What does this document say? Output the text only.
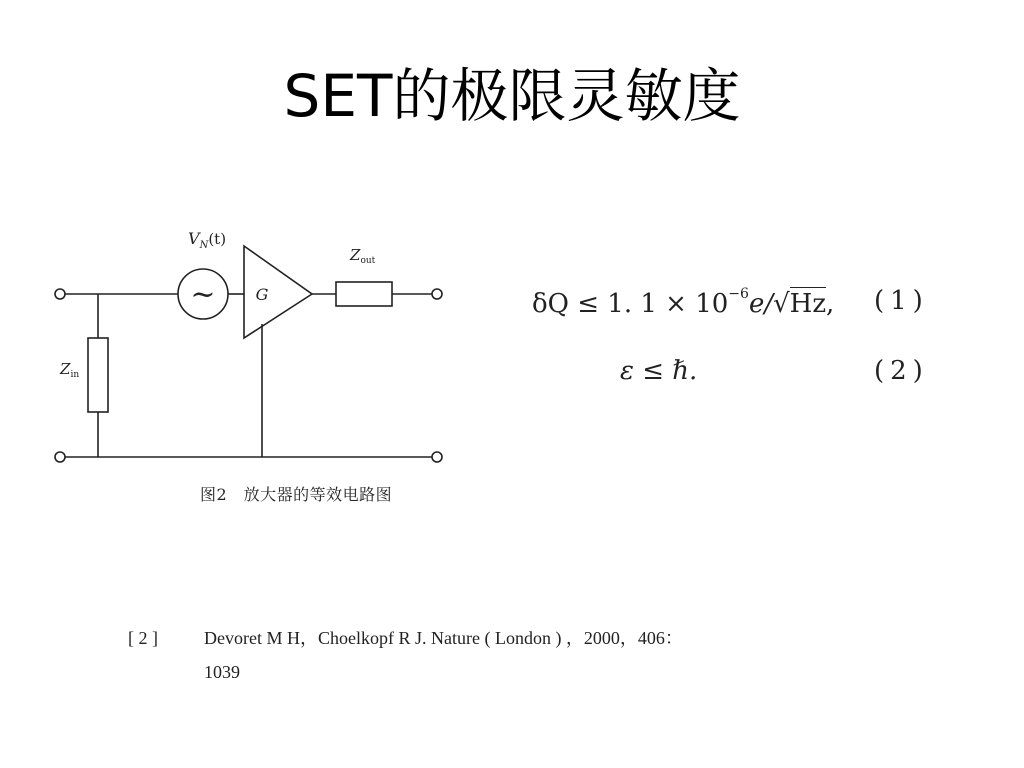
SET的极限灵敏度
~	G
$V_N(t)$
$Z_{out}$
$Z_{in}$
图2　放大器的等效电路图
δQ ≤ 1. $1 \times 10^{-6}e/√Hz$, (1)
ε ≤ ℏ.	(2)
[ 2 ]	Devoret M H，Choelkopf R J. Nature ( London ) ，2000，406：
1039
